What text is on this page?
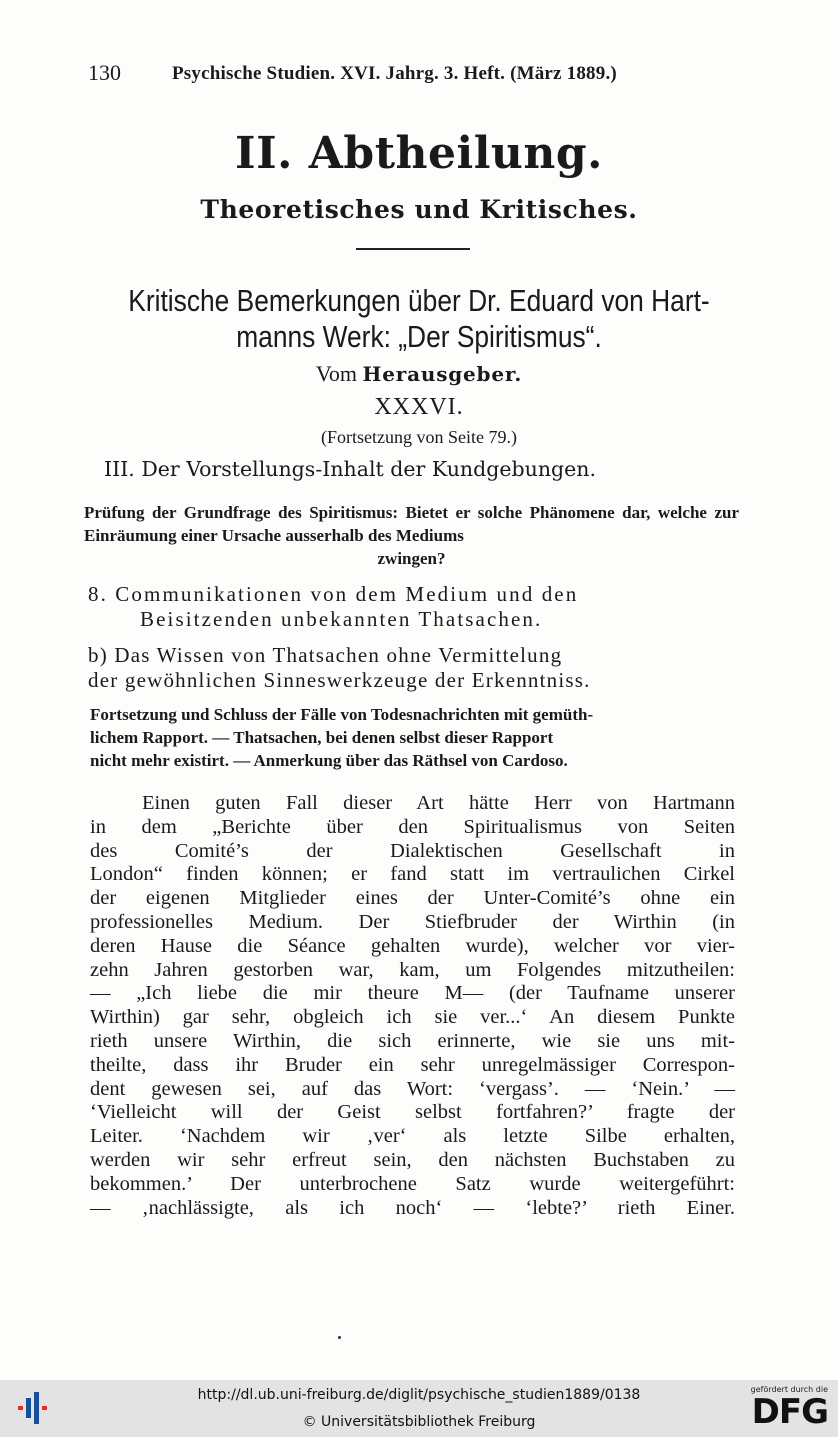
130	Psychische Studien. XVI. Jahrg. 3. Heft. (März 1889.)
II. Abtheilung.
Theoretisches und Kritisches.
Kritische Bemerkungen über Dr. Eduard von Hart-
manns Werk: „Der Spiritismus“.
Vom Herausgeber.
XXXVI.
(Fortsetzung von Seite 79.)
III. Der Vorstellungs-Inhalt der Kundgebungen.
Prüfung der Grundfrage des Spiritismus: Bietet er solche Phänomene dar, welche zur Einräumung einer Ursache ausserhalb des Mediums
zwingen?
8. Communikationen von dem Medium und den
Beisitzenden unbekannten Thatsachen.
b) Das Wissen von Thatsachen ohne Vermittelung
der gewöhnlichen Sinneswerkzeuge der Erkenntniss.
Fortsetzung und Schluss der Fälle von Todesnachrichten mit gemüth-
lichem Rapport. — Thatsachen, bei denen selbst dieser Rapport
nicht mehr existirt. — Anmerkung über das Räthsel von Cardoso.
Einen guten Fall dieser Art hätte Herr von Hartmann
in dem „Berichte über den Spiritualismus von Seiten
des Comité’s der Dialektischen Gesellschaft in
London“ finden können; er fand statt im vertraulichen Cirkel
der eigenen Mitglieder eines der Unter-Comité’s ohne ein
professionelles Medium. Der Stiefbruder der Wirthin (in
deren Hause die Séance gehalten wurde), welcher vor vier-
zehn Jahren gestorben war, kam, um Folgendes mitzutheilen:
— „Ich liebe die mir theure M— (der Taufname unserer
Wirthin) gar sehr, obgleich ich sie ver...‘ An diesem Punkte
rieth unsere Wirthin, die sich erinnerte, wie sie uns mit-
theilte, dass ihr Bruder ein sehr unregelmässiger Correspon-
dent gewesen sei, auf das Wort: ‘vergass’. — ‘Nein.’ —
‘Vielleicht will der Geist selbst fortfahren?’ fragte der
Leiter. ‘Nachdem wir ‚ver‘ als letzte Silbe erhalten,
werden wir sehr erfreut sein, den nächsten Buchstaben zu
bekommen.’ Der unterbrochene Satz wurde weitergeführt:
— ‚nachlässigte, als ich noch‘ — ‘lebte?’ rieth Einer.
http://dl.ub.uni-freiburg.de/diglit/psychische_studien1889/0138
© Universitätsbibliothek Freiburg
gefördert durch die
DFG
